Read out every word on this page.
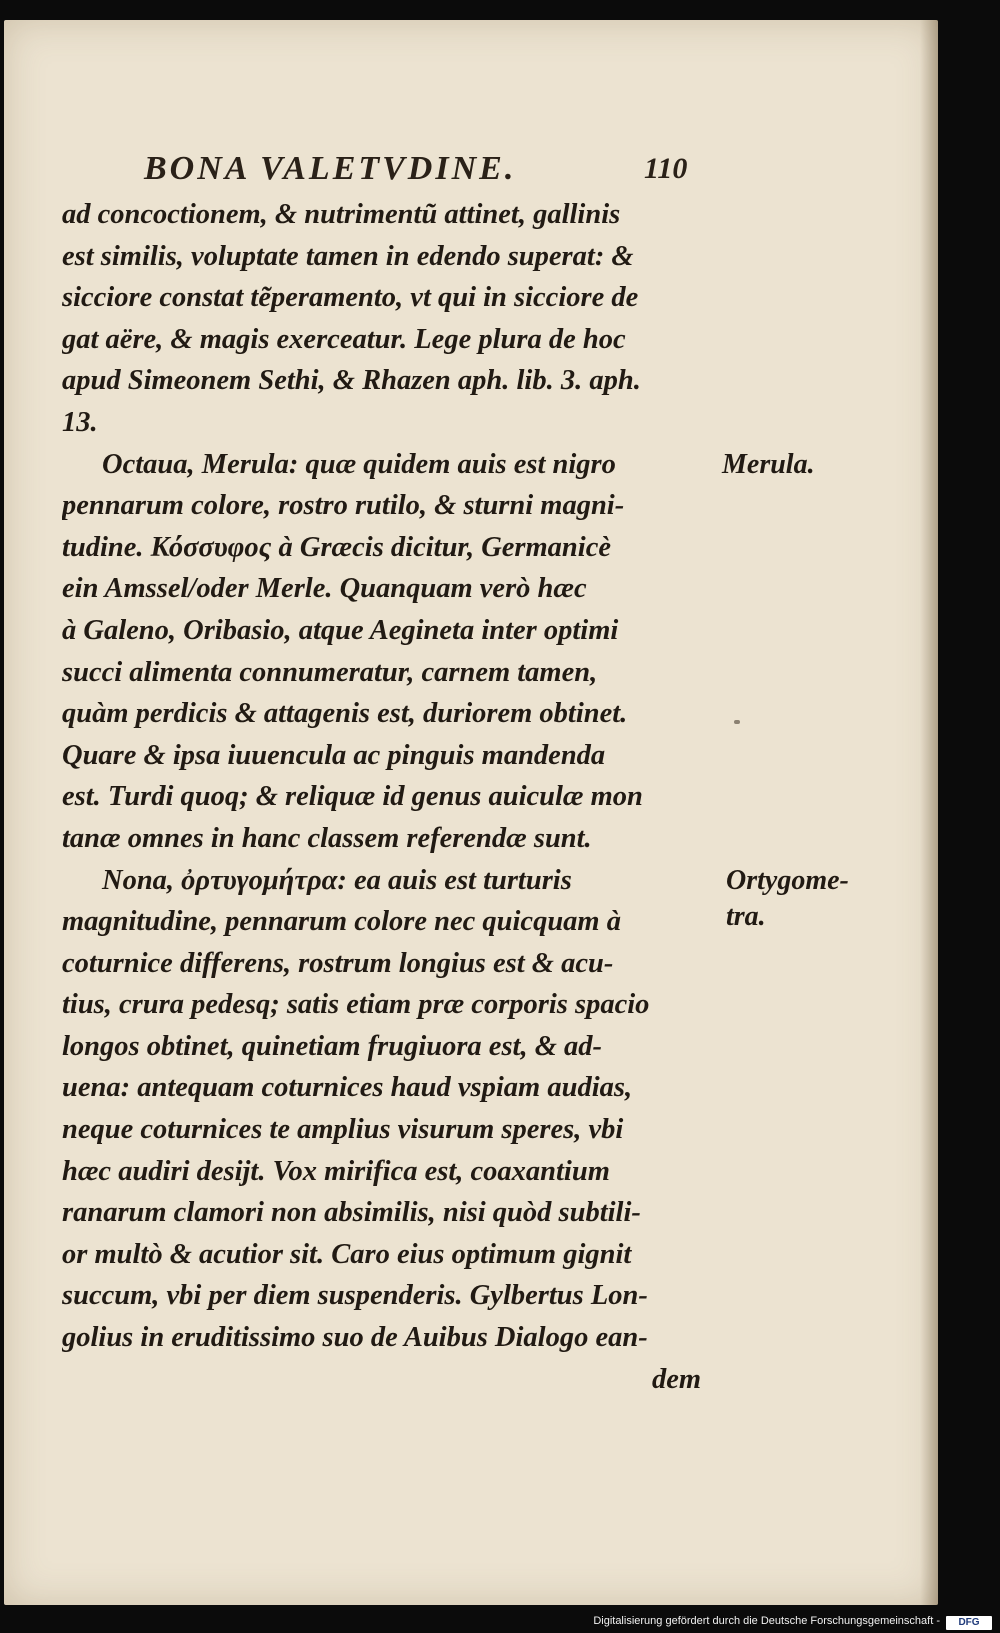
BONA VALETVDINE.	110
ad concoctionem, & nutrimentũ attinet, gallinis
est similis, voluptate tamen in edendo superat: &
sicciore constat tẽperamento, vt qui in sicciore de
gat aëre, & magis exerceatur. Lege plura de hoc
apud Simeonem Sethi, & Rhazen aph. lib. 3. aph.
13.
Octaua, Merula: quæ quidem auis est nigro
pennarum colore, rostro rutilo, & sturni magni-
tudine. Κόσσυφος à Græcis dicitur, Germanicè
ein Amssel/oder Merle. Quanquam verò hæc
à Galeno, Oribasio, atque Aegineta inter optimi
succi alimenta connumeratur, carnem tamen,
quàm perdicis & attagenis est, duriorem obtinet.
Quare & ipsa iuuencula ac pinguis mandenda
est. Turdi quoq; & reliquæ id genus auiculæ mon
tanæ omnes in hanc classem referendæ sunt.
Nona, ὀρτυγομήτρα: ea auis est turturis
magnitudine, pennarum colore nec quicquam à
coturnice differens, rostrum longius est & acu-
tius, crura pedesq; satis etiam præ corporis spacio
longos obtinet, quinetiam frugiuora est, & ad-
uena: antequam coturnices haud vspiam audias,
neque coturnices te amplius visurum speres, vbi
hæc audiri desijt. Vox mirifica est, coaxantium
ranarum clamori non absimilis, nisi quòd subtili-
or multò & acutior sit. Caro eius optimum gignit
succum, vbi per diem suspenderis. Gylbertus Lon-
golius in eruditissimo suo de Auibus Dialogo ean-
dem
Merula.
Ortygome-
tra.
Digitalisierung gefördert durch die Deutsche Forschungsgemeinschaft -	DFG
